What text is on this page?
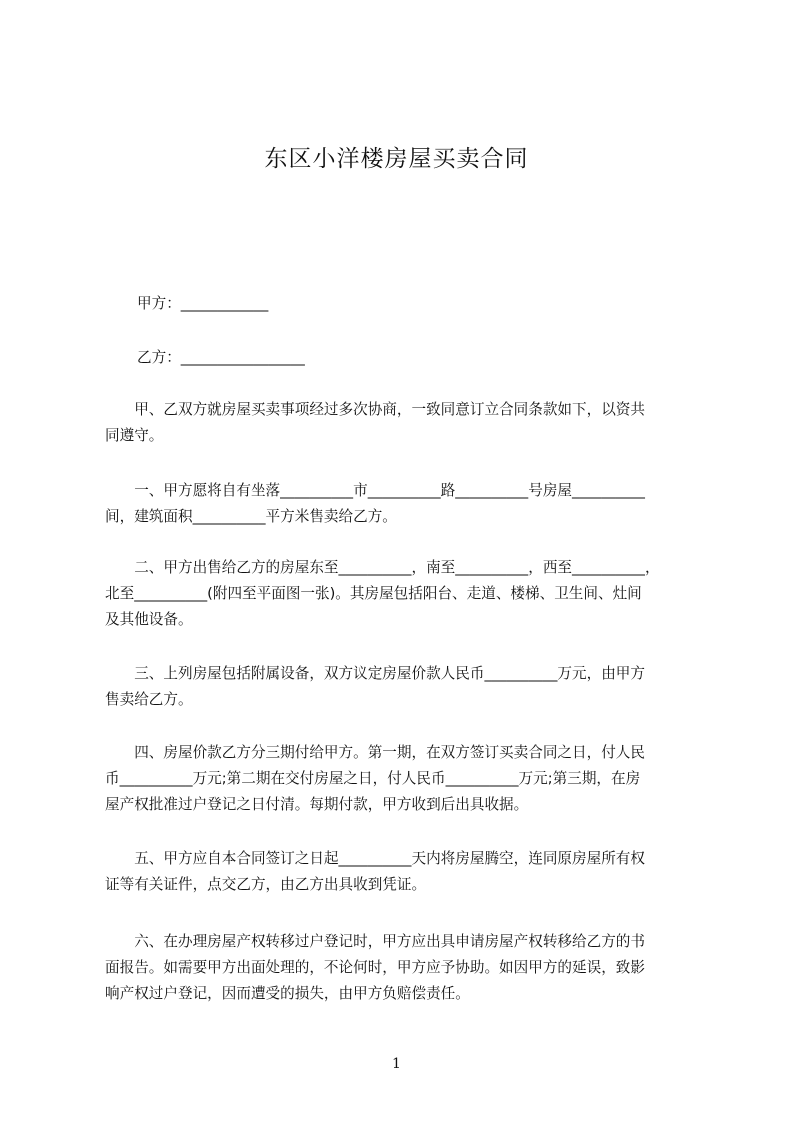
东区小洋楼房屋买卖合同
甲方：____________
乙方：_________________
　　甲、乙双方就房屋买卖事项经过多次协商，一致同意订立合同条款如下，以资共
同遵守。
　　一、甲方愿将自有坐落__________市__________路__________号房屋__________
间，建筑面积__________平方米售卖给乙方。
　　二、甲方出售给乙方的房屋东至__________，南至__________，西至__________，
北至__________(附四至平面图一张)。其房屋包括阳台、走道、楼梯、卫生间、灶间
及其他设备。
　　三、上列房屋包括附属设备，双方议定房屋价款人民币__________万元，由甲方
售卖给乙方。
　　四、房屋价款乙方分三期付给甲方。第一期，在双方签订买卖合同之日，付人民
币__________万元;第二期在交付房屋之日，付人民币__________万元;第三期，在房
屋产权批准过户登记之日付清。每期付款，甲方收到后出具收据。
　　五、甲方应自本合同签订之日起__________天内将房屋腾空，连同原房屋所有权
证等有关证件，点交乙方，由乙方出具收到凭证。
　　六、在办理房屋产权转移过户登记时，甲方应出具申请房屋产权转移给乙方的书
面报告。如需要甲方出面处理的，不论何时，甲方应予协助。如因甲方的延误，致影
响产权过户登记，因而遭受的损失，由甲方负赔偿责任。
1
